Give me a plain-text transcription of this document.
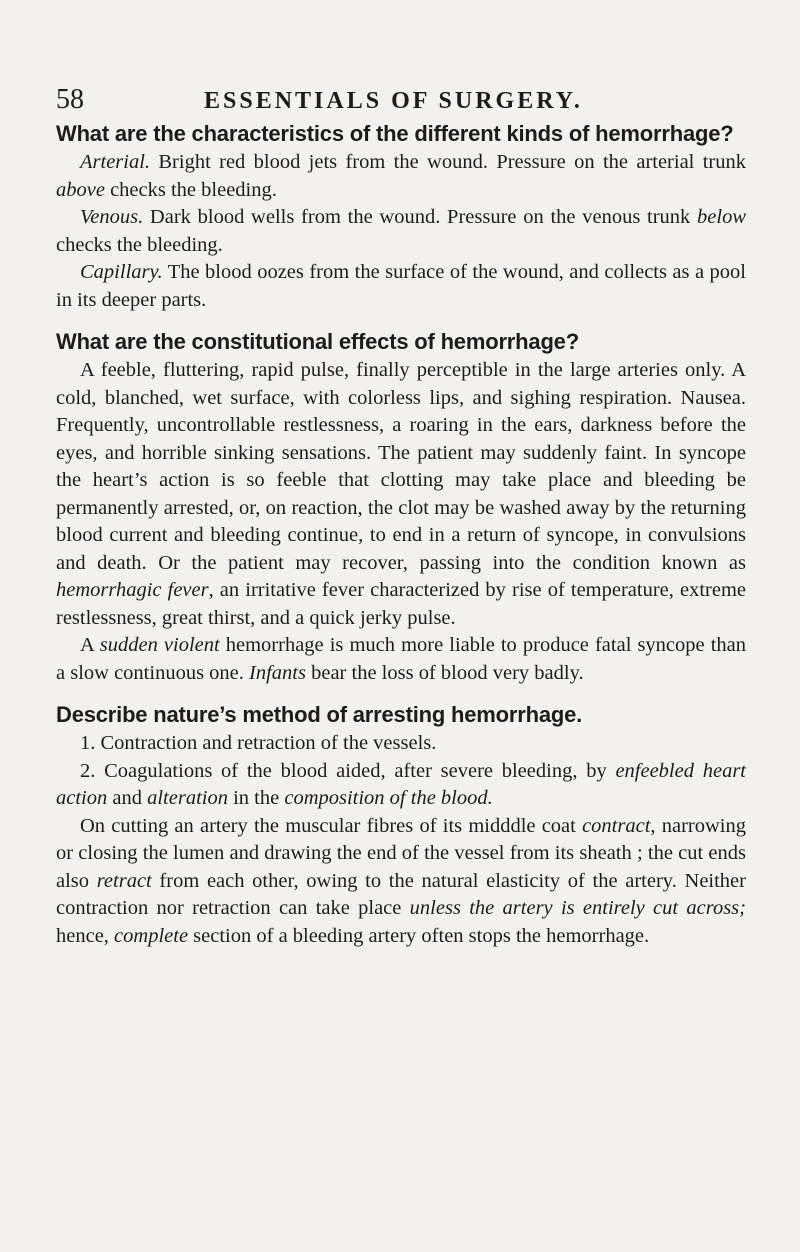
58	ESSENTIALS OF SURGERY.

What are the characteristics of the different kinds of hemorrhage?

Arterial. Bright red blood jets from the wound. Pressure on the arterial trunk above checks the bleeding.

Venous. Dark blood wells from the wound. Pressure on the venous trunk below checks the bleeding.

Capillary. The blood oozes from the surface of the wound, and collects as a pool in its deeper parts.

What are the constitutional effects of hemorrhage?

A feeble, fluttering, rapid pulse, finally perceptible in the large arteries only. A cold, blanched, wet surface, with colorless lips, and sighing respiration. Nausea. Frequently, uncontrollable restlessness, a roaring in the ears, darkness before the eyes, and horrible sinking sensations. The patient may suddenly faint. In syncope the heart’s action is so feeble that clotting may take place and bleeding be permanently arrested, or, on reaction, the clot may be washed away by the returning blood current and bleeding continue, to end in a return of syncope, in convulsions and death. Or the patient may recover, passing into the condition known as hemorrhagic fever, an irritative fever characterized by rise of temperature, extreme restlessness, great thirst, and a quick jerky pulse.

A sudden violent hemorrhage is much more liable to produce fatal syncope than a slow continuous one. Infants bear the loss of blood very badly.

Describe nature’s method of arresting hemorrhage.

1. Contraction and retraction of the vessels.

2. Coagulations of the blood aided, after severe bleeding, by enfeebled heart action and alteration in the composition of the blood.

On cutting an artery the muscular fibres of its midddle coat contract, narrowing or closing the lumen and drawing the end of the vessel from its sheath ; the cut ends also retract from each other, owing to the natural elasticity of the artery. Neither contraction nor retraction can take place unless the artery is entirely cut across; hence, complete section of a bleeding artery often stops the hemorrhage.
